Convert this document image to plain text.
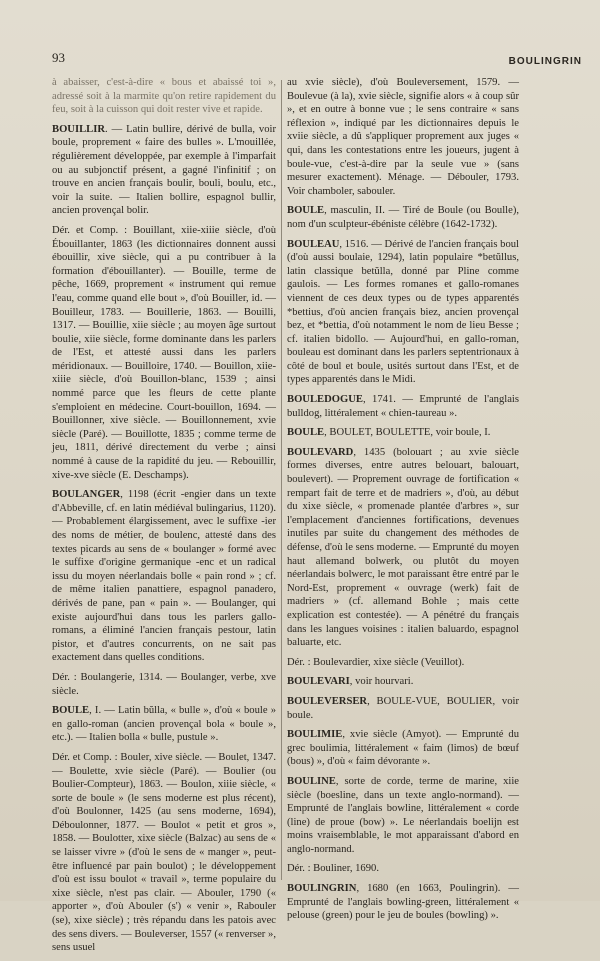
93	BOULINGRIN

à abaisser, c'est-à-dire « bous et abaissé toi », adressé soit à la marmite qu'on retire rapidement du feu, soit à la cuisson qui doit rester vive et rapide.

BOUILLIR. — Latin bullire, dérivé de bulla, voir boule, proprement « faire des bulles ». L'mouillée, régulièrement développée, par exemple à l'imparfait ou au subjonctif présent, a gagné l'infinitif ; on trouve en ancien français boulir, bouli, boulu, etc., voir la suite. — Italien bollire, espagnol bullir, ancien provençal bolir.

Dér. et Comp. : Bouillant, xiie-xiiie siècle, d'où Ébouillanter, 1863 (les dictionnaires donnent aussi ébouillir, xive siècle, qui a pu contribuer à la formation d'ébouillanter). — Bouille, terme de pêche, 1669, proprement « instrument qui remue l'eau, comme quand elle bout », d'où Bouiller, id. — Bouilleur, 1783. — Bouillerie, 1863. — Bouilli, 1317. — Bouillie, xiie siècle ; au moyen âge surtout boulie, xiie siècle, forme dominante dans les parlers de l'Est, et attesté aussi dans les parlers méridionaux. — Bouilloire, 1740. — Bouillon, xiie-xiiie siècle, d'où Bouillon-blanc, 1539 ; ainsi nommé parce que les fleurs de cette plante s'emploient en médecine. Court-bouillon, 1694. — Bouillonner, xive siècle. — Bouillonnement, xvie siècle (Paré). — Bouillotte, 1835 ; comme terme de jeu, 1811, dérivé directement du verbe ; ainsi nommé à cause de la rapidité du jeu. — Rebouillir, xive-xve siècle (E. Deschamps).

BOULANGER, 1198 (écrit -engier dans un texte d'Abbeville, cf. en latin médiéval bulingarius, 1120). — Probablement élargissement, avec le suffixe -ier des noms de métier, de boulenc, attesté dans des textes picards au sens de « boulanger » formé avec le suffixe d'origine germanique -enc et un radical issu du moyen néerlandais bolle « pain rond » ; cf. de même italien panattiere, espagnol panadero, dérivés de pane, pan « pain ». — Boulanger, qui existe aujourd'hui dans tous les parlers gallo-romans, a éliminé l'ancien français pestour, latin pistor, et d'autres concurrents, on ne sait pas exactement dans quelles conditions.

Dér. : Boulangerie, 1314. — Boulanger, verbe, xve siècle.

BOULE, I. — Latin bŭlla, « bulle », d'où « boule » en gallo-roman (ancien provençal bola « boule », etc.). — Italien bolla « bulle, pustule ».

Dér. et Comp. : Bouler, xive siècle. — Boulet, 1347. — Boulette, xvie siècle (Paré). — Boulier (ou Boulier-Compteur), 1863. — Boulon, xiiie siècle, « sorte de boule » (le sens moderne est plus récent), d'où Boulonner, 1425 (au sens moderne, 1694), Déboulonner, 1877. — Boulot « petit et gros », 1858. — Boulotter, xixe siècle (Balzac) au sens de « se laisser vivre » (d'où le sens de « manger », peut-être influencé par pain boulot) ; le développement d'où est issu boulot « travail », terme populaire du xixe siècle, n'est pas clair. — Abouler, 1790 (« apporter », d'où Abouler (s') « venir », Rabouler (se), xixe siècle) ; très répandu dans les patois avec des sens divers. — Bouleverser, 1557 (« renverser », sens usuel

au xvie siècle), d'où Bouleversement, 1579. — Boulevue (à la), xvie siècle, signifie alors « à coup sûr », et en outre à bonne vue ; le sens contraire « sans réflexion », indiqué par les dictionnaires depuis le xviie siècle, a dû s'appliquer proprement aux juges « qui, dans les contestations entre les joueurs, jugent à boule-vue, c'est-à-dire par la seule vue » (sans mesurer exactement). Ménage. — Débouler, 1793. Voir chamboler, sabouler.

BOULE, masculin, II. — Tiré de Boule (ou Boulle), nom d'un sculpteur-ébéniste célèbre (1642-1732).

BOULEAU, 1516. — Dérivé de l'ancien français boul (d'où aussi boulaie, 1294), latin populaire *betŭllus, latin classique betŭlla, donné par Pline comme gaulois. — Les formes romanes et gallo-romanes viennent de ces deux types ou de types apparentés *bettius, d'où ancien français biez, ancien provençal bez, et *bettia, d'où notamment le nom de lieu Besse ; cf. italien bidollo. — Aujourd'hui, en gallo-roman, bouleau est dominant dans les parlers septentrionaux à côté de boul et boule, usités surtout dans l'Est, et de types apparentés dans le Midi.

BOULEDOGUE, 1741. — Emprunté de l'anglais bulldog, littéralement « chien-taureau ».

BOULE, BOULET, BOULETTE, voir boule, I.

BOULEVARD, 1435 (bolouart ; au xvie siècle formes diverses, entre autres belouart, balouart, boulevert). — Proprement ouvrage de fortification « rempart fait de terre et de madriers », d'où, au début du xixe siècle, « promenade plantée d'arbres », sur l'emplacement d'anciennes fortifications, devenues inutiles par suite du changement des méthodes de défense, d'où le sens moderne. — Emprunté du moyen haut allemand bolwerk, ou plutôt du moyen néerlandais bolwerc, le mot paraissant être entré par le Nord-Est, proprement « ouvrage (werk) fait de madriers » (cf. allemand Bohle ; mais cette explication est contestée). — A pénétré du français dans les langues voisines : italien baluardo, espagnol baluarte, etc.

Dér. : Boulevardier, xixe siècle (Veuillot).

BOULEVARI, voir hourvari.

BOULEVERSER, BOULE-VUE, BOULIER, voir boule.

BOULIMIE, xvie siècle (Amyot). — Emprunté du grec boulimia, littéralement « faim (limos) de bœuf (bous) », d'où « faim dévorante ».

BOULINE, sorte de corde, terme de marine, xiie siècle (boesline, dans un texte anglo-normand). — Emprunté de l'anglais bowline, littéralement « corde (line) de proue (bow) ». Le néerlandais boelijn est moins vraisemblable, le mot apparaissant d'abord en anglo-normand.

Dér. : Bouliner, 1690.

BOULINGRIN, 1680 (en 1663, Poulingrin). — Emprunté de l'anglais bowling-green, littéralement « pelouse (green) pour le jeu de boules (bowling) ».
